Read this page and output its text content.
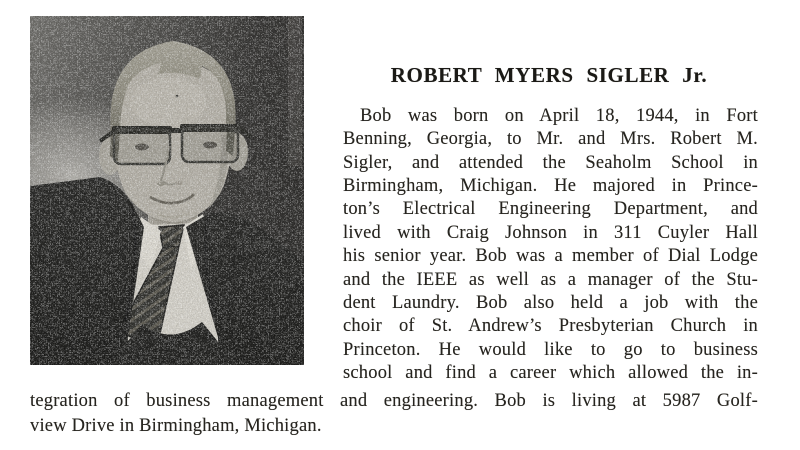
ROBERT MYERS SIGLER Jr.
Bob was born on April 18, 1944, in Fort
Benning, Georgia, to Mr. and Mrs. Robert M.
Sigler, and attended the Seaholm School in
Birmingham, Michigan. He majored in Prince-
ton’s Electrical Engineering Department, and
lived with Craig Johnson in 311 Cuyler Hall
his senior year. Bob was a member of Dial Lodge
and the IEEE as well as a manager of the Stu-
dent Laundry. Bob also held a job with the
choir of St. Andrew’s Presbyterian Church in
Princeton. He would like to go to business
school and find a career which allowed the in-
tegration of business management and engineering. Bob is living at 5987 Golf-
view Drive in Birmingham, Michigan.
